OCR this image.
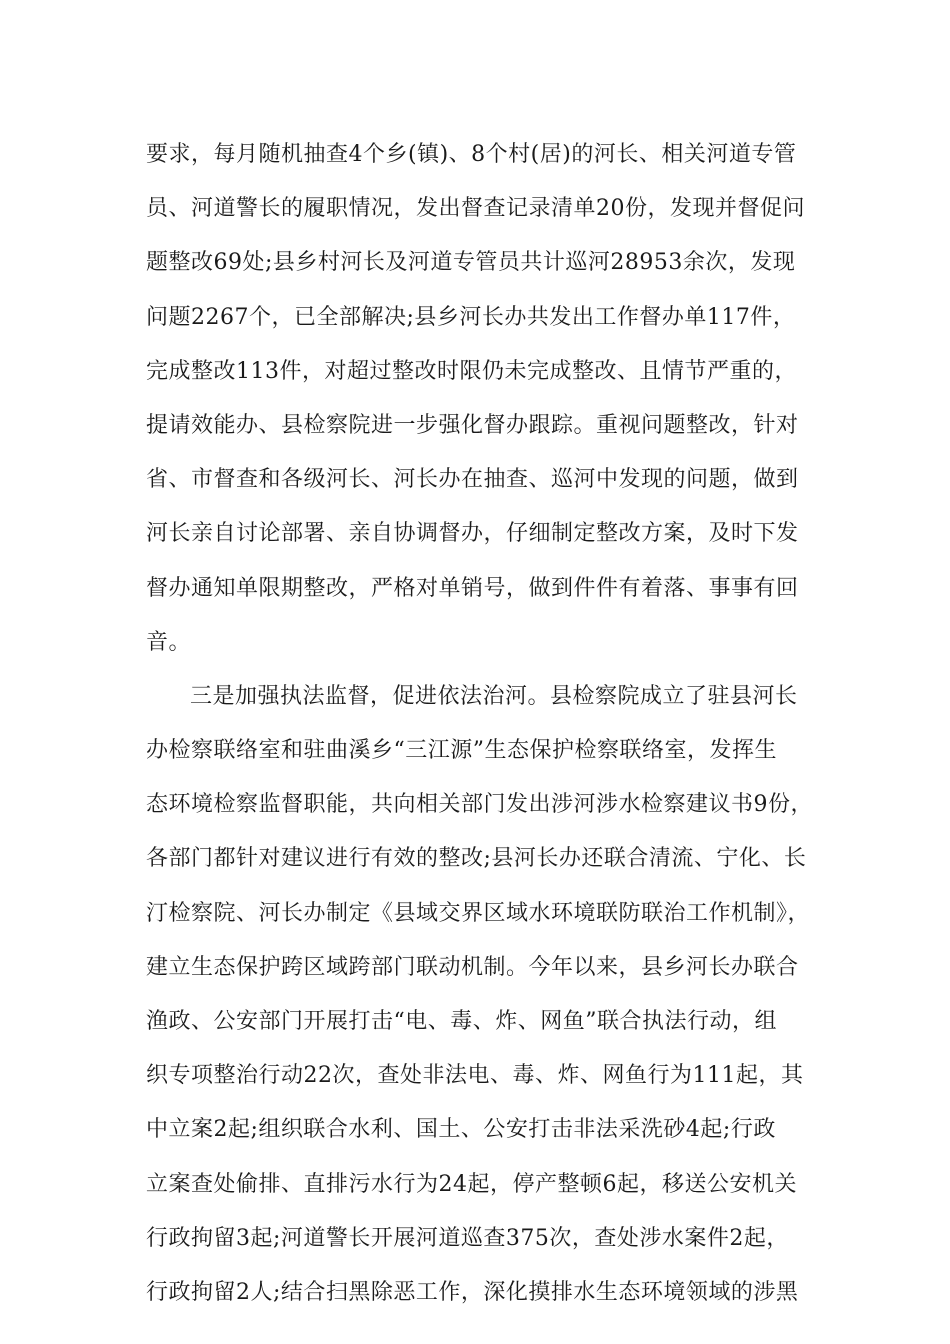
要求，每月随机抽查4个乡(镇)、8个村(居)的河长、相关河道专管
员、河道警长的履职情况，发出督查记录清单20份，发现并督促问
题整改69处;县乡村河长及河道专管员共计巡河28953余次，发现
问题2267个，已全部解决;县乡河长办共发出工作督办单117件，
完成整改113件，对超过整改时限仍未完成整改、且情节严重的，
提请效能办、县检察院进一步强化督办跟踪。重视问题整改，针对
省、市督查和各级河长、河长办在抽查、巡河中发现的问题，做到
河长亲自讨论部署、亲自协调督办，仔细制定整改方案，及时下发
督办通知单限期整改，严格对单销号，做到件件有着落、事事有回
音。
三是加强执法监督，促进依法治河。县检察院成立了驻县河长
办检察联络室和驻曲溪乡“三江源”生态保护检察联络室，发挥生
态环境检察监督职能，共向相关部门发出涉河涉水检察建议书9份，
各部门都针对建议进行有效的整改;县河长办还联合清流、宁化、长
汀检察院、河长办制定《县域交界区域水环境联防联治工作机制》，
建立生态保护跨区域跨部门联动机制。今年以来，县乡河长办联合
渔政、公安部门开展打击“电、毒、炸、网鱼”联合执法行动，组
织专项整治行动22次，查处非法电、毒、炸、网鱼行为111起，其
中立案2起;组织联合水利、国土、公安打击非法采洗砂4起;行政
立案查处偷排、直排污水行为24起，停产整顿6起，移送公安机关
行政拘留3起;河道警长开展河道巡查375次，查处涉水案件2起，
行政拘留2人;结合扫黑除恶工作，深化摸排水生态环境领域的涉黑
